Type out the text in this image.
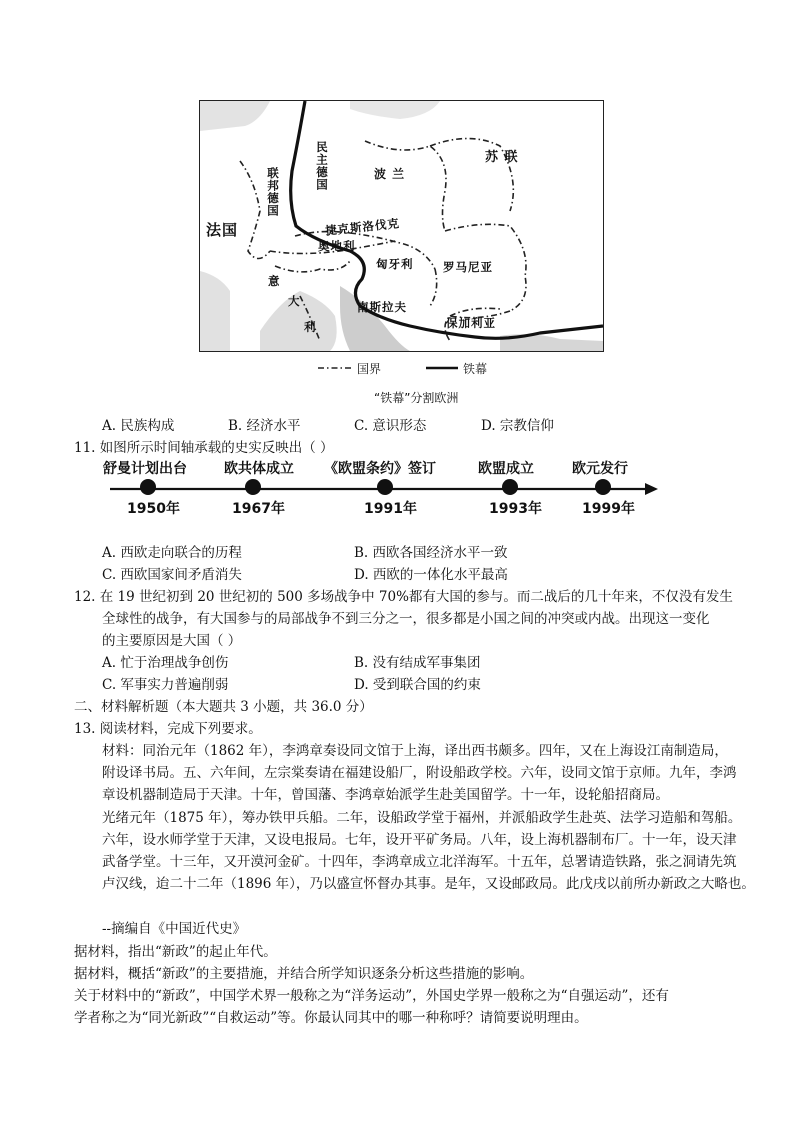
民主德国
联邦德国
苏 联
波 兰
法国	捷克斯洛伐克
奥地利
匈牙利	罗马尼亚
意
大
利
南斯拉夫
保加利亚
国界	铁幕
“铁幕”分割欧洲
A. 民族构成	B. 经济水平	C. 意识形态	D. 宗教信仰
11. 如图所示时间轴承载的史实反映出（ ）
舒曼计划出台	欧共体成立 《欧盟条约》签订	欧盟成立	欧元发行
1950年	1967年	1991年	1993年	1999年
A. 西欧走向联合的历程	B. 西欧各国经济水平一致
C. 西欧国家间矛盾消失	D. 西欧的一体化水平最高
12. 在 19 世纪初到 20 世纪初的 500 多场战争中 70%都有大国的参与。而二战后的几十年来，不仅没有发生
全球性的战争，有大国参与的局部战争不到三分之一，很多都是小国之间的冲突或内战。出现这一变化
的主要原因是大国（ ）
A. 忙于治理战争创伤	B. 没有结成军事集团
C. 军事实力普遍削弱	D. 受到联合国的约束
二、材料解析题（本大题共 3 小题，共 36.0 分）
13. 阅读材料，完成下列要求。
材料：同治元年（1862 年），李鸿章奏设同文馆于上海，译出西书颇多。四年，又在上海设江南制造局，
附设译书局。五、六年间，左宗棠奏请在福建设船厂，附设船政学校。六年，设同文馆于京师。九年，李鸿
章设机器制造局于天津。十年，曾国藩、李鸿章始派学生赴美国留学。十一年，设轮船招商局。
光绪元年（1875 年），筹办铁甲兵船。二年，设船政学堂于福州，并派船政学生赴英、法学习造船和驾船。
六年，设水师学堂于天津，又设电报局。七年，设开平矿务局。八年，设上海机器制布厂。十一年，设天津
武备学堂。十三年，又开漠河金矿。十四年，李鸿章成立北洋海军。十五年，总署请造铁路，张之洞请先筑
卢汉线，迨二十二年（1896 年），乃以盛宣怀督办其事。是年，又设邮政局。此戊戌以前所办新政之大略也。
--摘编自《中国近代史》
据材料，指出“新政”的起止年代。
据材料，概括“新政”的主要措施，并结合所学知识逐条分析这些措施的影响。
关于材料中的“新政”，中国学术界一般称之为“洋务运动”，外国史学界一般称之为“自强运动”，还有
学者称之为“同光新政”“自救运动”等。你最认同其中的哪一种称呼？请简要说明理由。
